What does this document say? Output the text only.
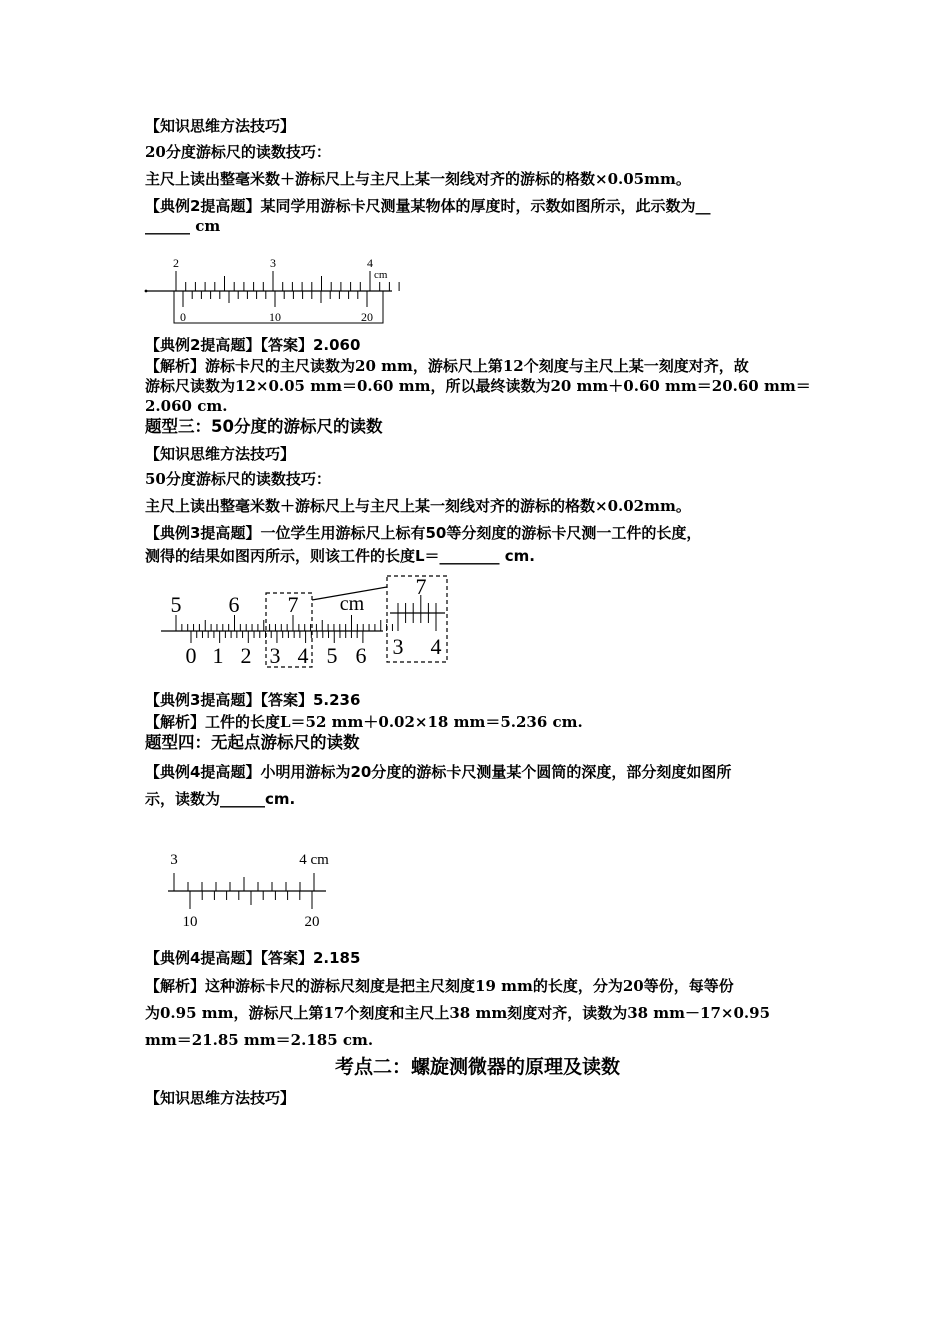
【知识思维方法技巧】
20分度游标尺的读数技巧：
主尺上读出整毫米数＋游标尺上与主尺上某一刻线对齐的游标的格数×0.05mm。
【典例2提高题】某同学用游标卡尺测量某物体的厚度时，示数如图所示，此示数为__
______ cm
2	3	4
cm
0	10	20
【典例2提高题】【答案】2.060
【解析】游标卡尺的主尺读数为20 mm，游标尺上第12个刻度与主尺上某一刻度对齐，故
游标尺读数为12×0.05 mm＝0.60 mm，所以最终读数为20 mm＋0.60 mm＝20.60 mm＝
2.060 cm.
题型三：50分度的游标尺的读数
【知识思维方法技巧】
50分度游标尺的读数技巧：
主尺上读出整毫米数＋游标尺上与主尺上某一刻线对齐的游标的格数×0.02mm。
【典例3提高题】一位学生用游标尺上标有50等分刻度的游标卡尺测一工件的长度，
测得的结果如图丙所示，则该工件的长度L＝________ cm.
5 6 7 cm
0 1 2 3 4 5 6
7
3 4
【典例3提高题】【答案】5.236
【解析】工件的长度L＝52 mm＋0.02×18 mm＝5.236 cm.
题型四：无起点游标尺的读数
【典例4提高题】小明用游标为20分度的游标卡尺测量某个圆筒的深度，部分刻度如图所
示，读数为______cm.
3	4 cm
10	20
【典例4提高题】【答案】2.185
【解析】这种游标卡尺的游标尺刻度是把主尺刻度19 mm的长度，分为20等份，每等份
为0.95 mm，游标尺上第17个刻度和主尺上38 mm刻度对齐，读数为38 mm－17×0.95
mm＝21.85 mm＝2.185 cm.
考点二：螺旋测微器的原理及读数
【知识思维方法技巧】
